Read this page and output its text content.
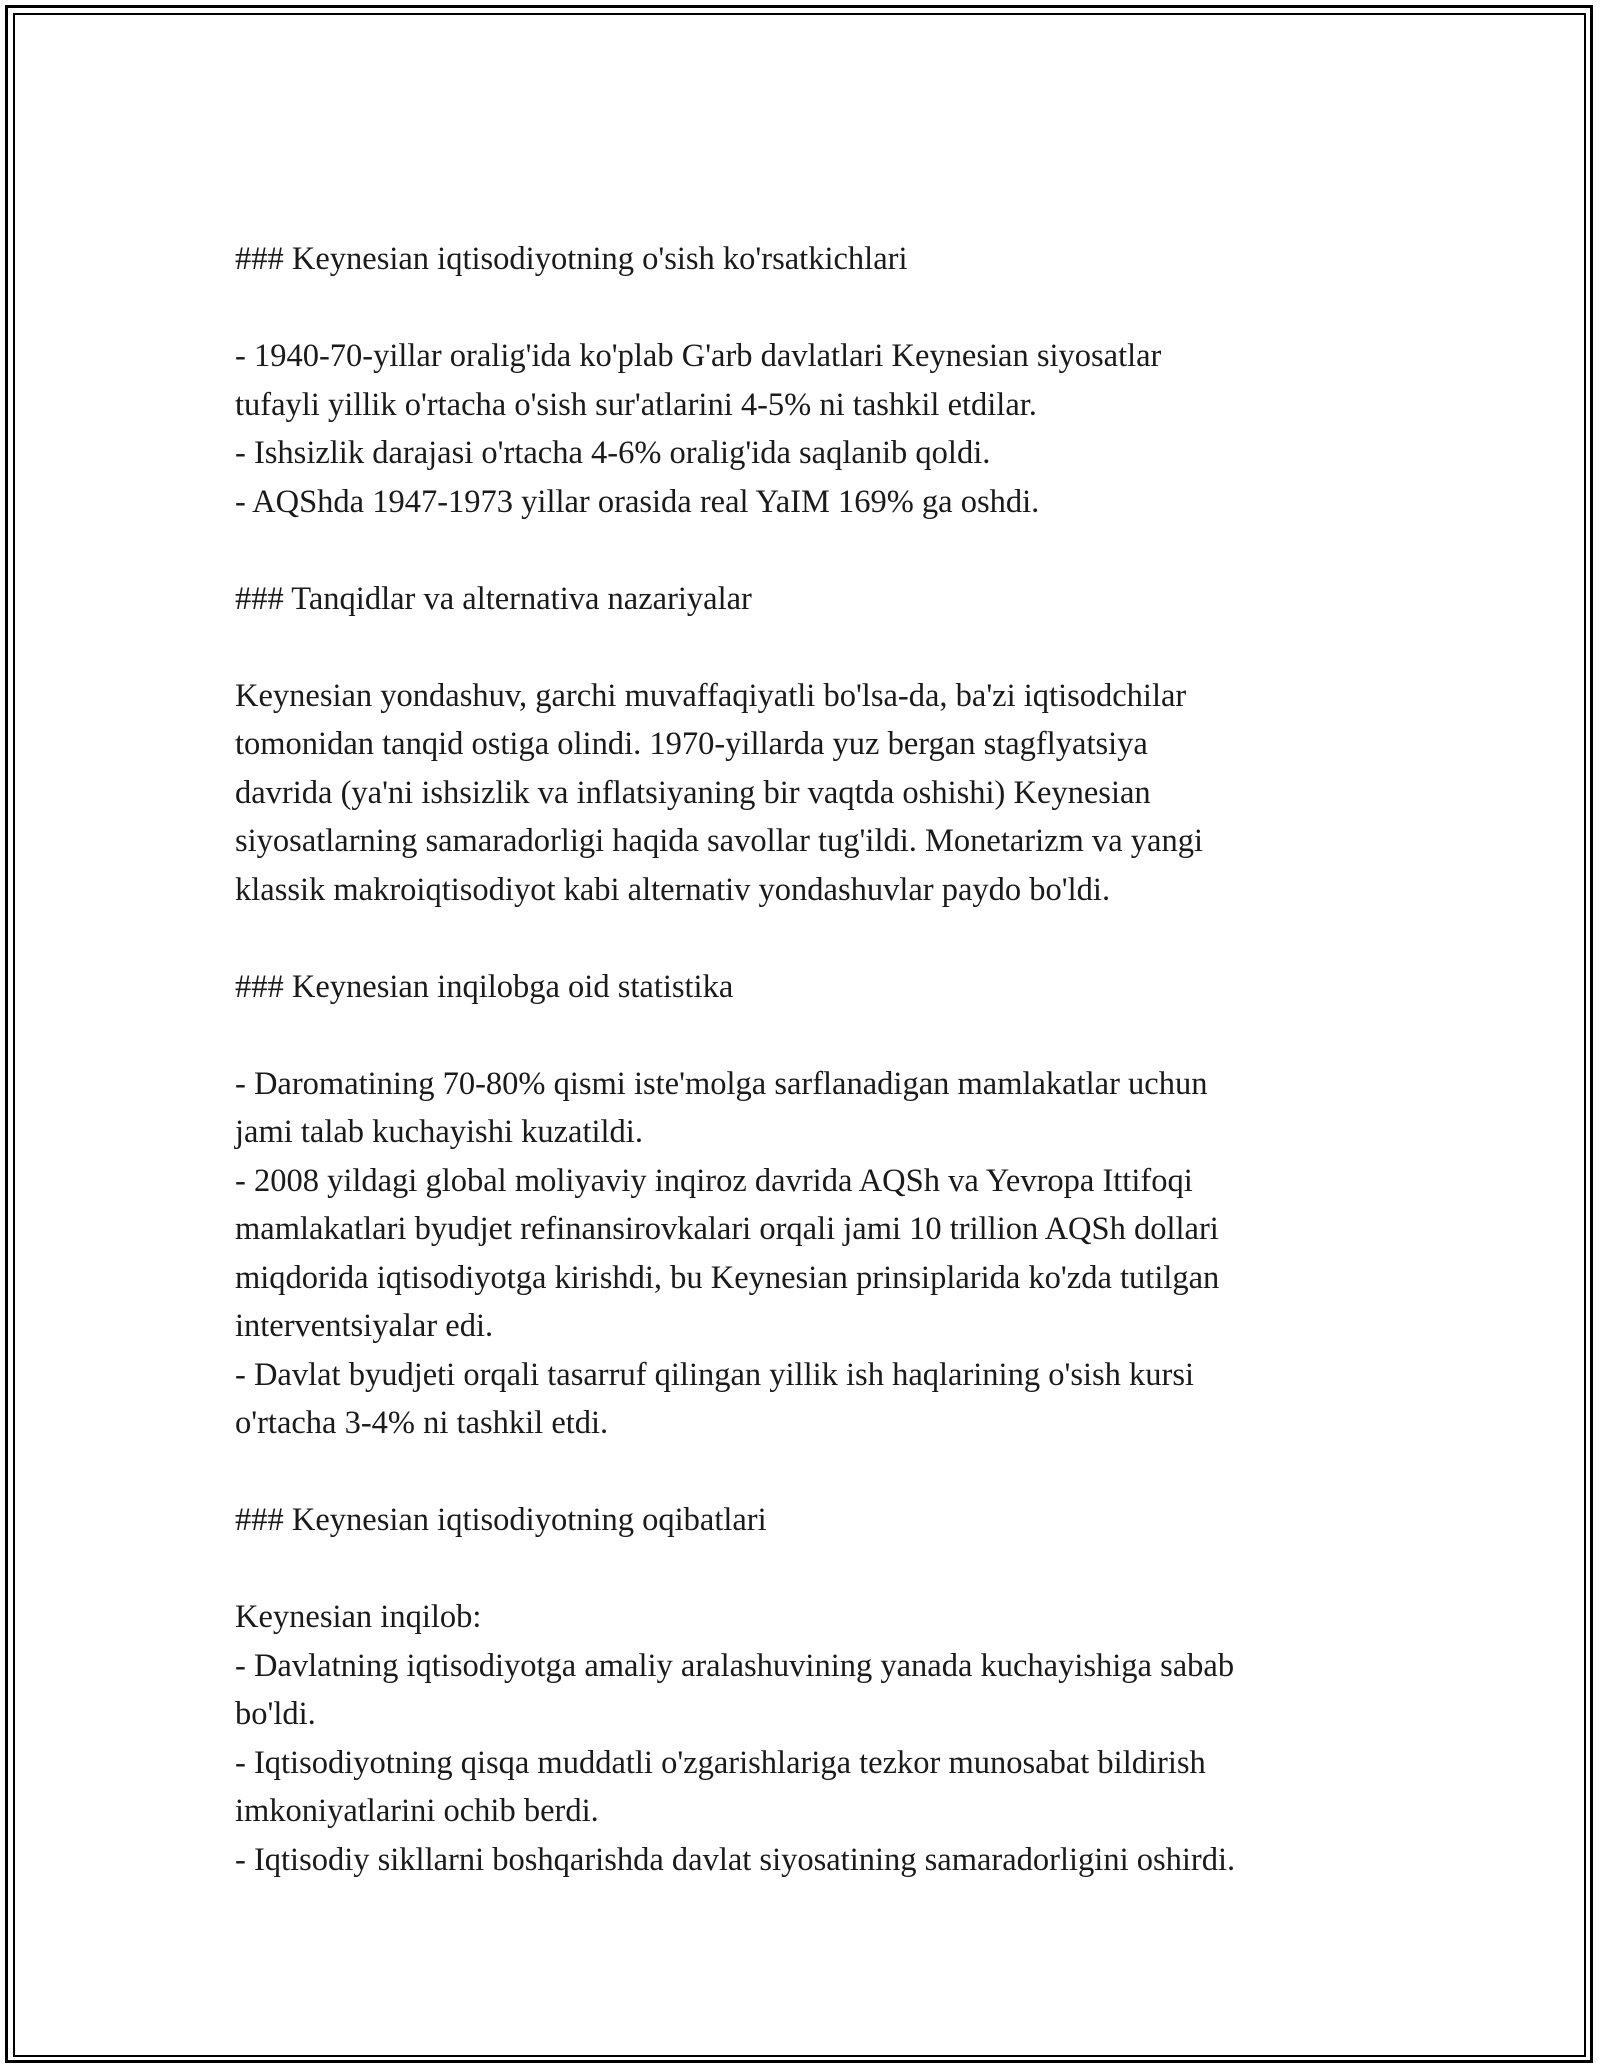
### Keynesian iqtisodiyotning o'sish ko'rsatkichlari
- 1940-70-yillar oralig'ida ko'plab G'arb davlatlari Keynesian siyosatlar
tufayli yillik o'rtacha o'sish sur'atlarini 4-5% ni tashkil etdilar.
- Ishsizlik darajasi o'rtacha 4-6% oralig'ida saqlanib qoldi.
- AQShda 1947-1973 yillar orasida real YaIM 169% ga oshdi.
### Tanqidlar va alternativa nazariyalar
Keynesian yondashuv, garchi muvaffaqiyatli bo'lsa-da, ba'zi iqtisodchilar
tomonidan tanqid ostiga olindi. 1970-yillarda yuz bergan stagflyatsiya
davrida (ya'ni ishsizlik va inflatsiyaning bir vaqtda oshishi) Keynesian
siyosatlarning samaradorligi haqida savollar tug'ildi. Monetarizm va yangi
klassik makroiqtisodiyot kabi alternativ yondashuvlar paydo bo'ldi.
### Keynesian inqilobga oid statistika
- Daromatining 70-80% qismi iste'molga sarflanadigan mamlakatlar uchun
jami talab kuchayishi kuzatildi.
- 2008 yildagi global moliyaviy inqiroz davrida AQSh va Yevropa Ittifoqi
mamlakatlari byudjet refinansirovkalari orqali jami 10 trillion AQSh dollari
miqdorida iqtisodiyotga kirishdi, bu Keynesian prinsiplarida ko'zda tutilgan
interventsiyalar edi.
- Davlat byudjeti orqali tasarruf qilingan yillik ish haqlarining o'sish kursi
o'rtacha 3-4% ni tashkil etdi.
### Keynesian iqtisodiyotning oqibatlari
Keynesian inqilob:
- Davlatning iqtisodiyotga amaliy aralashuvining yanada kuchayishiga sabab
bo'ldi.
- Iqtisodiyotning qisqa muddatli o'zgarishlariga tezkor munosabat bildirish
imkoniyatlarini ochib berdi.
- Iqtisodiy sikllarni boshqarishda davlat siyosatining samaradorligini oshirdi.
